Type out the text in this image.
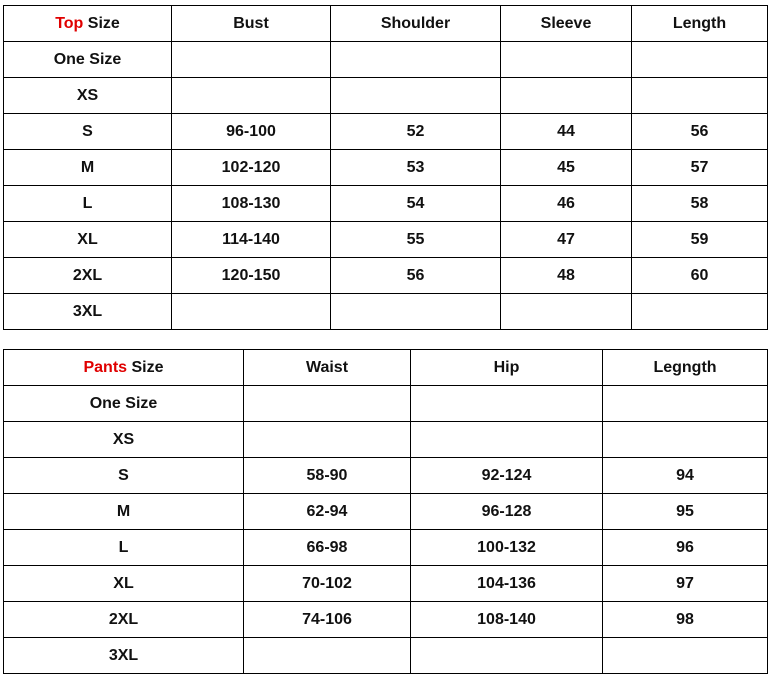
Top Size	Bust	Shoulder	Sleeve	Length
One Size				
XS				
S	96-100	52	44	56
M	102-120	53	45	57
L	108-130	54	46	58
XL	114-140	55	47	59
2XL	120-150	56	48	60
3XL				
Pants Size	Waist	Hip	Legngth
One Size			
XS			
S	58-90	92-124	94
M	62-94	96-128	95
L	66-98	100-132	96
XL	70-102	104-136	97
2XL	74-106	108-140	98
3XL			
